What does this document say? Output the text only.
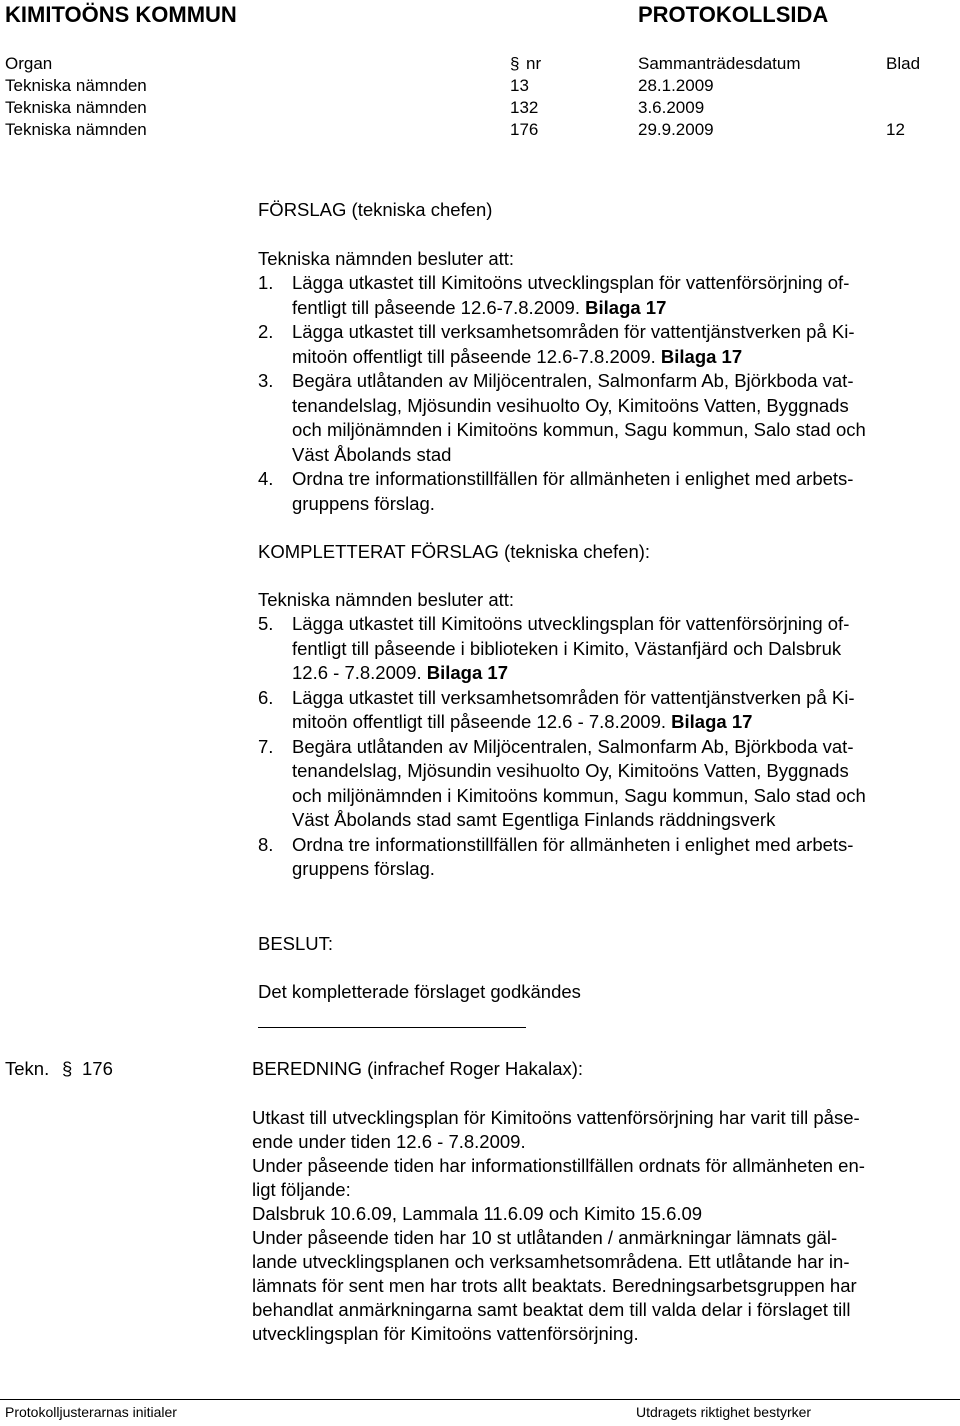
KIMITOÖNS KOMMUN	PROTOKOLLSIDA
Organ	§ nr	Sammanträdesdatum	Blad
Tekniska nämnden	13	28.1.2009
Tekniska nämnden	132	3.6.2009
Tekniska nämnden	176	29.9.2009	12
FÖRSLAG (tekniska chefen)
Tekniska nämnden besluter att:
1. Lägga utkastet till Kimitoöns utvecklingsplan för vattenförsörjning of-
fentligt till påseende 12.6-7.8.2009. Bilaga 17
2. Lägga utkastet till verksamhetsområden för vattentjänstverken på Ki-
mitoön offentligt till påseende 12.6-7.8.2009. Bilaga 17
3. Begära utlåtanden av Miljöcentralen, Salmonfarm Ab, Björkboda vat-
tenandelslag, Mjösundin vesihuolto Oy, Kimitoöns Vatten, Byggnads
och miljönämnden i Kimitoöns kommun, Sagu kommun, Salo stad och
Väst Åbolands stad
4. Ordna tre informationstillfällen för allmänheten i enlighet med arbets-
gruppens förslag.
KOMPLETTERAT FÖRSLAG (tekniska chefen):
Tekniska nämnden besluter att:
5. Lägga utkastet till Kimitoöns utvecklingsplan för vattenförsörjning of-
fentligt till påseende i biblioteken i Kimito, Västanfjärd och Dalsbruk
12.6 - 7.8.2009. Bilaga 17
6. Lägga utkastet till verksamhetsområden för vattentjänstverken på Ki-
mitoön offentligt till påseende 12.6 - 7.8.2009. Bilaga 17
7. Begära utlåtanden av Miljöcentralen, Salmonfarm Ab, Björkboda vat-
tenandelslag, Mjösundin vesihuolto Oy, Kimitoöns Vatten, Byggnads
och miljönämnden i Kimitoöns kommun, Sagu kommun, Salo stad och
Väst Åbolands stad samt Egentliga Finlands räddningsverk
8. Ordna tre informationstillfällen för allmänheten i enlighet med arbets-
gruppens förslag.
BESLUT:
Det kompletterade förslaget godkändes
Tekn. § 176	BEREDNING (infrachef Roger Hakalax):
Utkast till utvecklingsplan för Kimitoöns vattenförsörjning har varit till påse-
ende under tiden 12.6 - 7.8.2009.
Under påseende tiden har informationstillfällen ordnats för allmänheten en-
ligt följande:
Dalsbruk 10.6.09, Lammala 11.6.09 och Kimito 15.6.09
Under påseende tiden har 10 st utlåtanden / anmärkningar lämnats gäl-
lande utvecklingsplanen och verksamhetsområdena. Ett utlåtande har in-
lämnats för sent men har trots allt beaktats. Beredningsarbetsgruppen har
behandlat anmärkningarna samt beaktat dem till valda delar i förslaget till
utvecklingsplan för Kimitoöns vattenförsörjning.
Protokolljusterarnas initialer	Utdragets riktighet bestyrker
